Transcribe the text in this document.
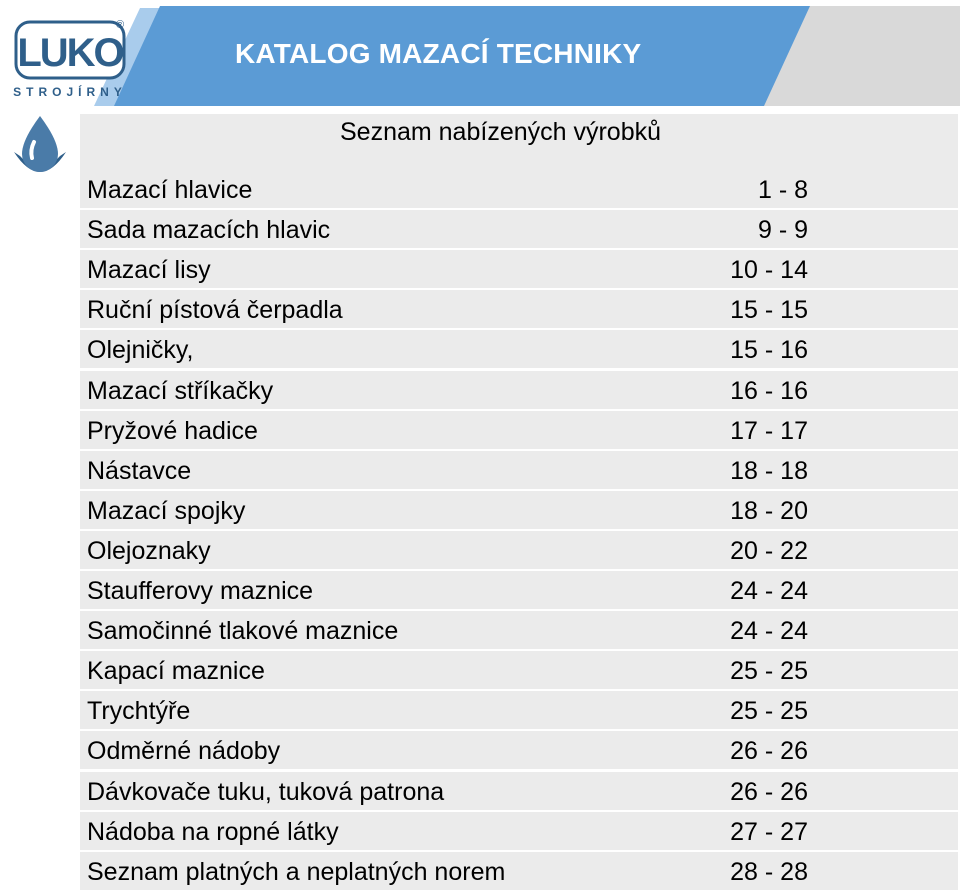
KATALOG MAZACÍ TECHNIKY
LUKO
STROJÍRNY
®
Seznam nabízených výrobků
Mazací hlavice	1 - 8
Sada mazacích hlavic	9 - 9
Mazací lisy	10 - 14
Ruční pístová čerpadla	15 - 15
Olejničky,	15 - 16
Mazací stříkačky	16 - 16
Pryžové hadice	17 - 17
Nástavce	18 - 18
Mazací spojky	18 - 20
Olejoznaky	20 - 22
Staufferovy maznice	24 - 24
Samočinné tlakové maznice	24 - 24
Kapací maznice	25 - 25
Trychtýře	25 - 25
Odměrné nádoby	26 - 26
Dávkovače tuku, tuková patrona	26 - 26
Nádoba na ropné látky	27 - 27
Seznam platných a neplatných norem	28 - 28
